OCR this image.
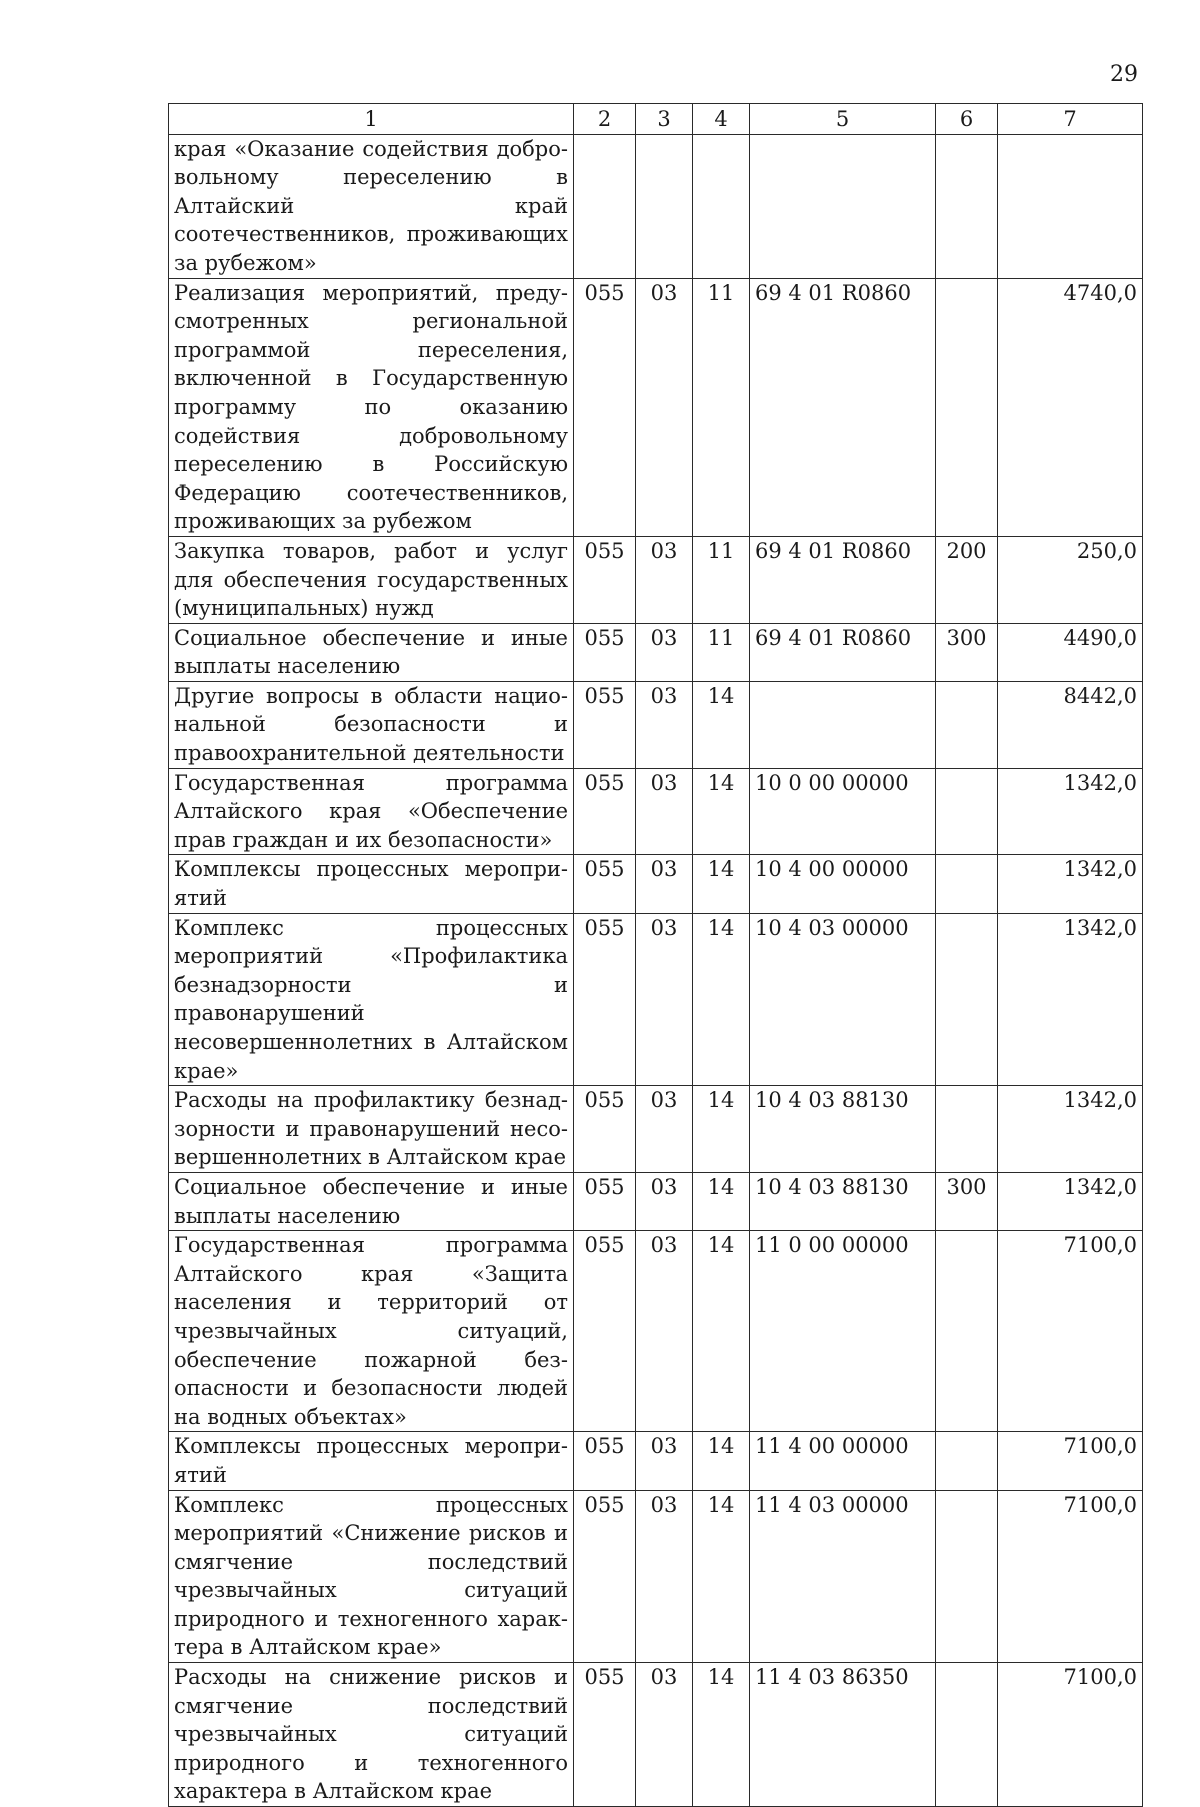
29
1	2	3	4	5	6	7
края «Оказание содействия добровольному переселению в Алтайский край соотечественников, проживающих за рубежом»						
Реализация мероприятий, предусмотренных региональной программой переселения, включенной в Государственную программу по оказанию содействия добровольному переселению в Российскую Федерацию соотечественников, проживающих за рубежом	055	03	11	69 4 01 R0860		4740,0
Закупка товаров, работ и услуг для обеспечения государственных (муниципальных) нужд	055	03	11	69 4 01 R0860	200	250,0
Социальное обеспечение и иные выплаты населению	055	03	11	69 4 01 R0860	300	4490,0
Другие вопросы в области национальной безопасности и правоохранительной деятельности	055	03	14			8442,0
Государственная программа Алтайского края «Обеспечение прав граждан и их безопасности»	055	03	14	10 0 00 00000		1342,0
Комплексы процессных мероприятий	055	03	14	10 4 00 00000		1342,0
Комплекс процессных мероприятий «Профилактика безнадзорности и правонарушений несовершеннолетних в Алтайском крае»	055	03	14	10 4 03 00000		1342,0
Расходы на профилактику безнадзорности и правонарушений несовершеннолетних в Алтайском крае	055	03	14	10 4 03 88130		1342,0
Социальное обеспечение и иные выплаты населению	055	03	14	10 4 03 88130	300	1342,0
Государственная программа Алтайского края «Защита населения и территорий от чрезвычайных ситуаций, обеспечение пожарной безопасности и безопасности людей на водных объектах»	055	03	14	11 0 00 00000		7100,0
Комплексы процессных мероприятий	055	03	14	11 4 00 00000		7100,0
Комплекс процессных мероприятий «Снижение рисков и смягчение последствий чрезвычайных ситуаций природного и техногенного характера в Алтайском крае»	055	03	14	11 4 03 00000		7100,0
Расходы на снижение рисков и смягчение последствий чрезвычайных ситуаций природного и техногенного характера в Алтайском крае	055	03	14	11 4 03 86350		7100,0
